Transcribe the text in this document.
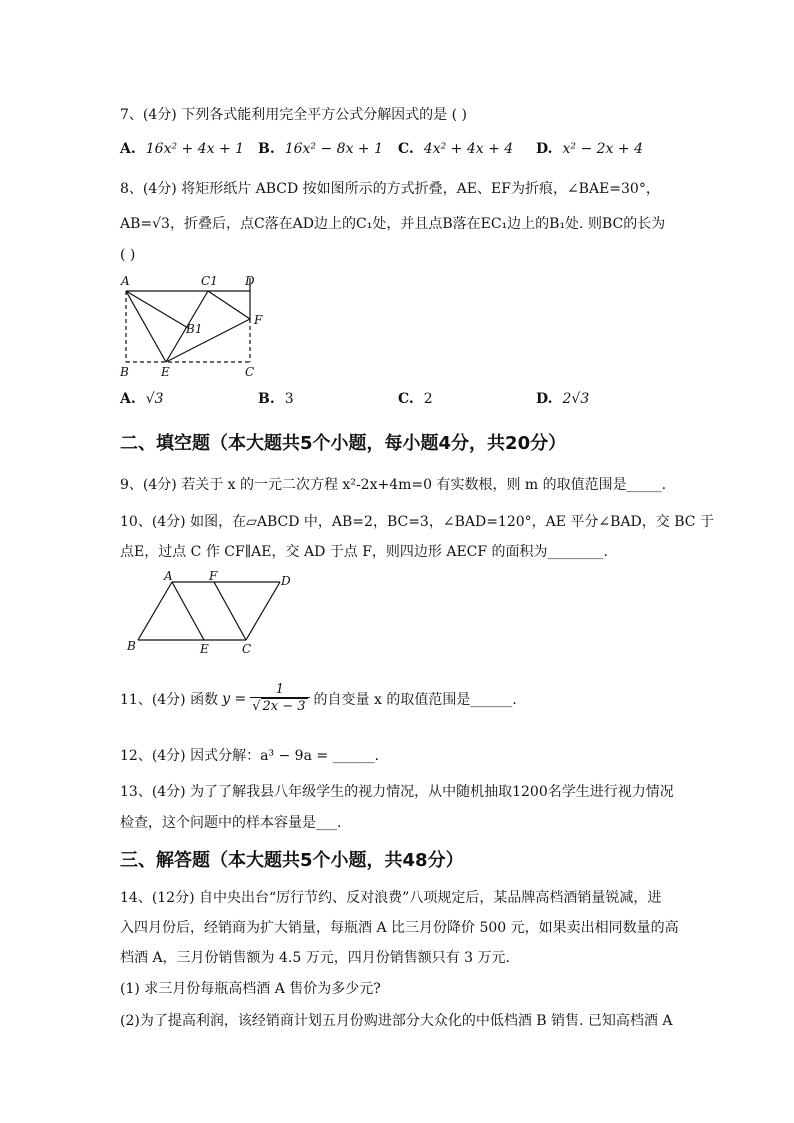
7、(4分) 下列各式能利用完全平方公式分解因式的是 ( )
A. 16x² + 4x + 1 B. 16x² − 8x + 1 C. 4x² + 4x + 4 D. x² − 2x + 4
8、(4分) 将矩形纸片 ABCD 按如图所示的方式折叠，AE、EF为折痕，∠BAE=30°，
AB=√3，折叠后，点C落在AD边上的C₁处，并且点B落在EC₁边上的B₁处. 则BC的长为
( )
A	C1 D
B1
F
B	E	C
A. √3	B. 3	C. 2	D. 2√3
二、填空题（本大题共5个小题，每小题4分，共20分）
9、(4分) 若关于 x 的一元二次方程 x²-2x+4m=0 有实数根，则 m 的取值范围是_____.
10、(4分) 如图，在▱ABCD 中，AB=2，BC=3，∠BAD=120°，AE 平分∠BAD，交 BC 于
点E，过点 C 作 CF∥AE，交 AD 于点 F，则四边形 AECF 的面积为________.
A	F	D
B	E	C
11、(4分) 函数 $y = \frac{1}{√ 2x - 3}$ 的自变量 x 的取值范围是______.
12、(4分) 因式分解：a³ − 9a = ______.
13、(4分) 为了了解我县八年级学生的视力情况，从中随机抽取1200名学生进行视力情况
检查，这个问题中的样本容量是___.
三、解答题（本大题共5个小题，共48分）
14、(12分) 自中央出台“厉行节约、反对浪费”八项规定后，某品牌高档酒销量锐减，进
入四月份后，经销商为扩大销量，每瓶酒 A 比三月份降价 500 元，如果卖出相同数量的高
档酒 A，三月份销售额为 4.5 万元，四月份销售额只有 3 万元.
(1) 求三月份每瓶高档酒 A 售价为多少元?
(2)为了提高利润，该经销商计划五月份购进部分大众化的中低档酒 B 销售. 已知高档酒 A
